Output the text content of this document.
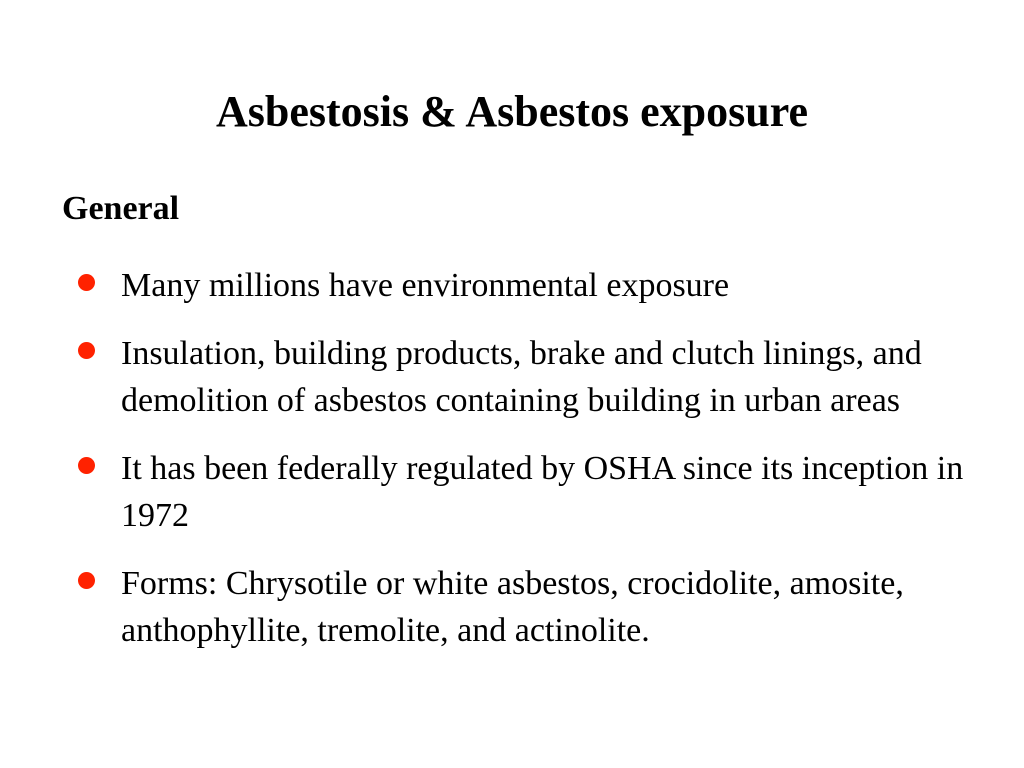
Asbestosis & Asbestos exposure
General
Many millions have environmental exposure
Insulation, building products, brake and clutch linings, and demolition of asbestos containing building in urban areas
It has been federally regulated by OSHA since its inception in 1972
Forms: Chrysotile or white asbestos, crocidolite, amosite, anthophyllite, tremolite, and actinolite.
